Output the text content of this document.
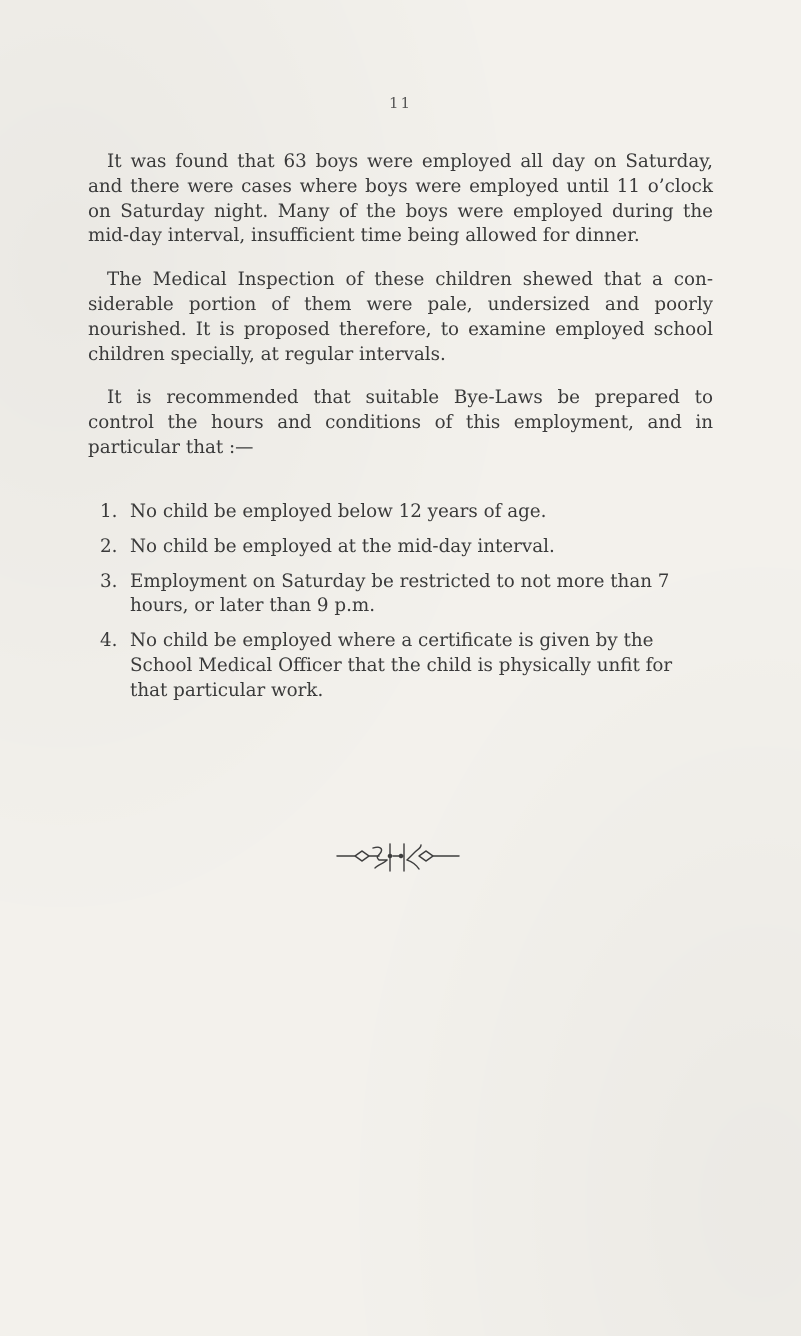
11

It was found that 63 boys were employed all day on Saturday, and there were cases where boys were employed until 11 o’clock on Saturday night. Many of the boys were employed during the mid-day interval, insufficient time being allowed for dinner.

The Medical Inspection of these children shewed that a con-siderable portion of them were pale, undersized and poorly nourished. It is proposed therefore, to examine employed school children specially, at regular intervals.

It is recommended that suitable Bye-Laws be prepared to control the hours and conditions of this employment, and in particular that :—

1. No child be employed below 12 years of age.
2. No child be employed at the mid-day interval.
3. Employment on Saturday be restricted to not more than 7 hours, or later than 9 p.m.
4. No child be employed where a certificate is given by the School Medical Officer that the child is physically unfit for that particular work.
